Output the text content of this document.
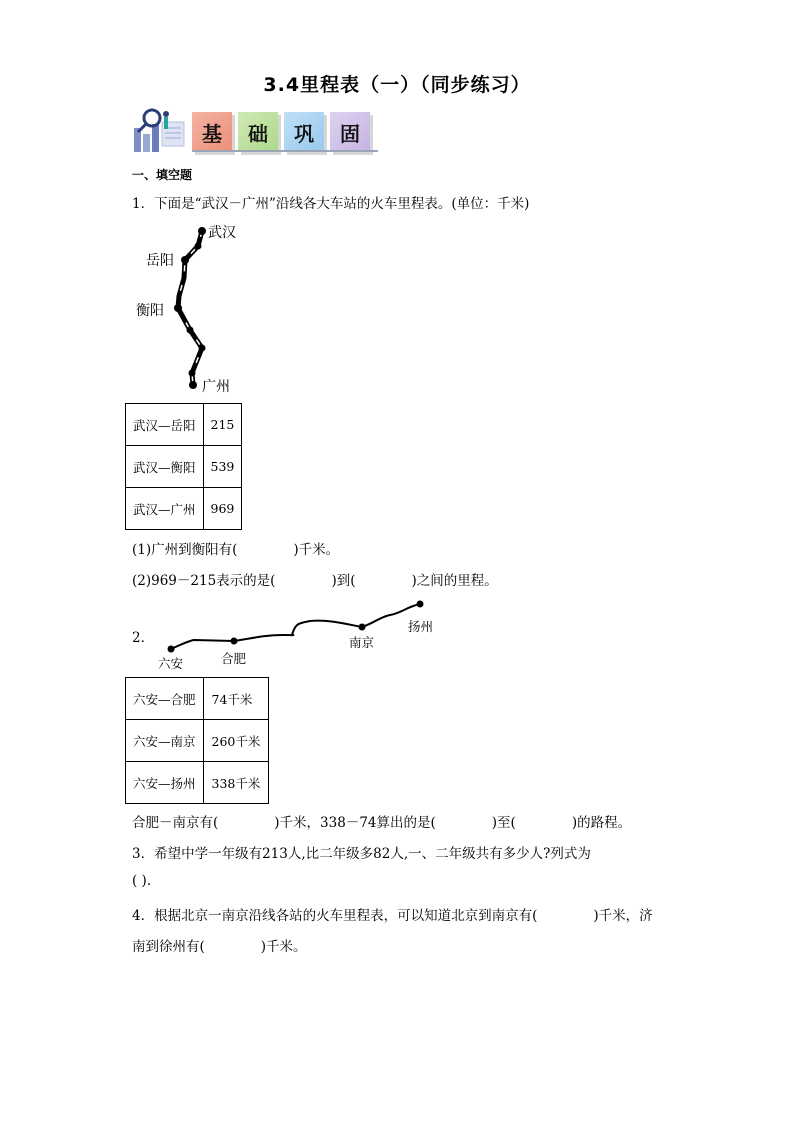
3.4里程表（一）（同步练习）
基	础	巩	固
一、填空题
1．下面是“武汉－广州”沿线各大车站的火车里程表。(单位：千米)
武汉
岳阳
衡阳
广州
武汉—岳阳	215
武汉—衡阳	539
武汉—广州	969
(1)广州到衡阳有(	)千米。
(2)969－215表示的是(	)到(	)之间的里程。
2．
六安	合肥
南京
扬州
六安—合肥	74千米
六安—南京	260千米
六安—扬州	338千米
合肥－南京有(	)千米，338－74算出的是(	)至(	)的路程。
3．希望中学一年级有213人,比二年级多82人,一、二年级共有多少人?列式为
( ).
4．根据北京一南京沿线各站的火车里程表，可以知道北京到南京有(	)千米，济
南到徐州有(	)千米。
